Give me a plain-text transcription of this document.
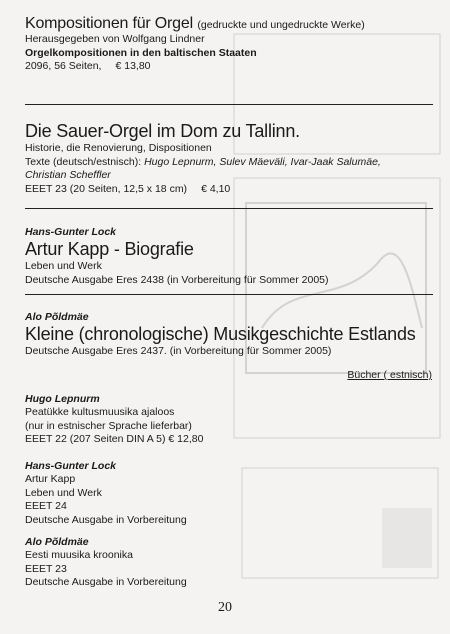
Kompositionen für Orgel (gedruckte und ungedruckte Werke)
Herausgegeben von Wolfgang Lindner
Orgelkompositionen in den baltischen Staaten
2096, 56 Seiten, € 13,80
Die Sauer-Orgel im Dom zu Tallinn.
Historie, die Renovierung, Dispositionen
Texte (deutsch/estnisch): Hugo Lepnurm, Sulev Mäeväli, Ivar-Jaak Salumäe,
Christian Scheffler
EEET 23 (20 Seiten, 12,5 x 18 cm) € 4,10
Hans-Gunter Lock
Artur Kapp - Biografie
Leben und Werk
Deutsche Ausgabe Eres 2438 (in Vorbereitung für Sommer 2005)
Alo Põldmäe
Kleine (chronologische) Musikgeschichte Estlands
Deutsche Ausgabe Eres 2437. (in Vorbereitung für Sommer 2005)
Bücher ( estnisch)
Hugo Lepnurm
Peatükke kultusmuusika ajaloos
(nur in estnischer Sprache lieferbar)
EEET 22 (207 Seiten DIN A 5) € 12,80
Hans-Gunter Lock
Artur Kapp
Leben und Werk
EEET 24
Deutsche Ausgabe in Vorbereitung
Alo Põldmäe
Eesti muusika kroonika
EEET 23
Deutsche Ausgabe in Vorbereitung
20
